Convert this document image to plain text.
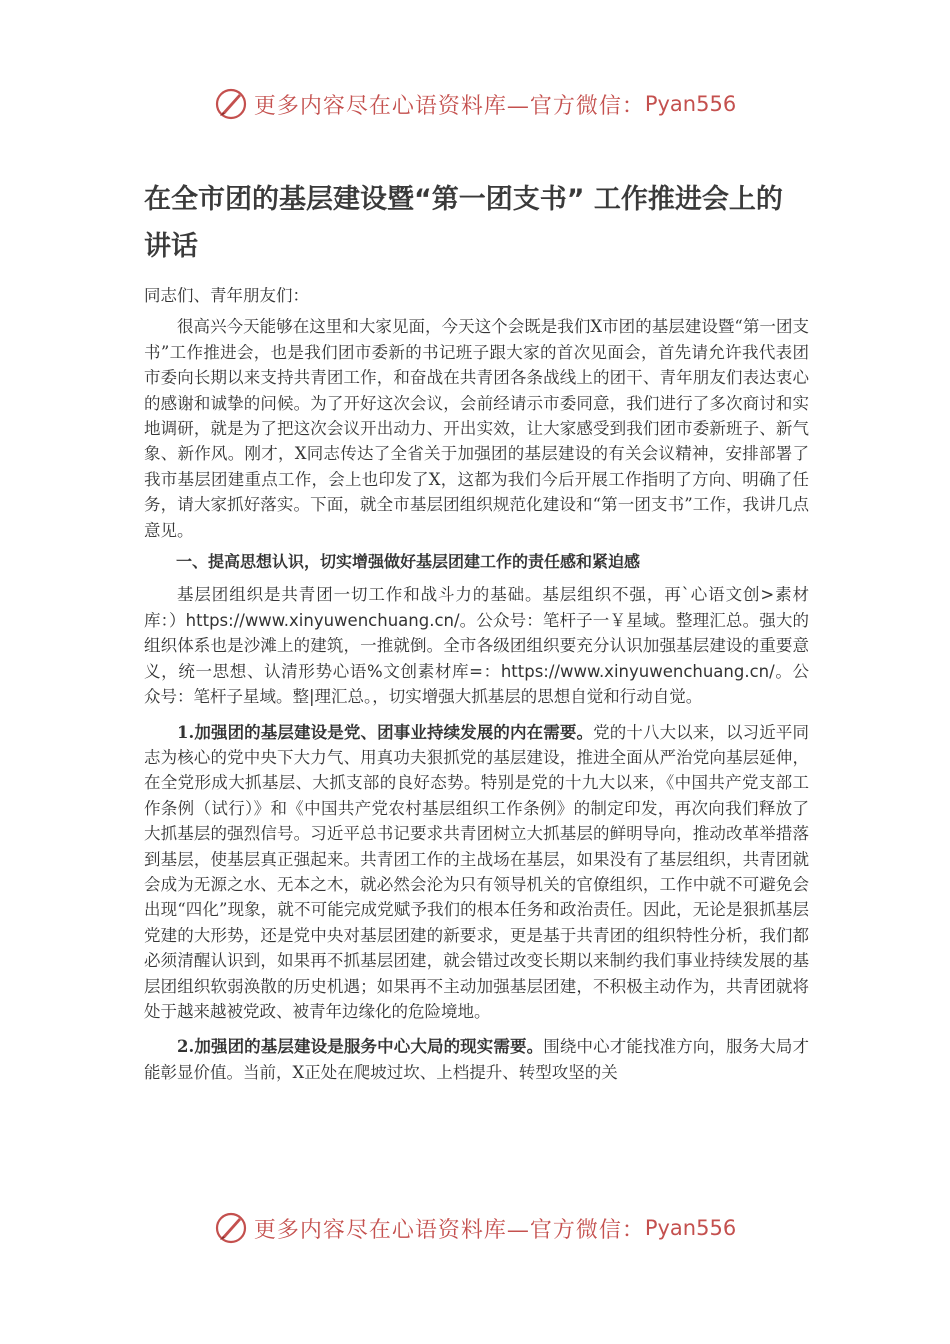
更多内容尽在心语资料库—官方微信： Pyan556
在全市团的基层建设暨“第一团支书” 工作推进会上的讲话

同志们、青年朋友们：

很高兴今天能够在这里和大家见面，今天这个会既是我们X市团的基层建设暨“第一团支书”工作推进会，也是我们团市委新的书记班子跟大家的首次见面会，首先请允许我代表团市委向长期以来支持共青团工作，和奋战在共青团各条战线上的团干、青年朋友们表达衷心的感谢和诚挚的问候。为了开好这次会议，会前经请示市委同意，我们进行了多次商讨和实地调研，就是为了把这次会议开出动力、开出实效，让大家感受到我们团市委新班子、新气象、新作风。刚才，X同志传达了全省关于加强团的基层建设的有关会议精神，安排部署了我市基层团建重点工作，会上也印发了X，这都为我们今后开展工作指明了方向、明确了任务，请大家抓好落实。下面，就全市基层团组织规范化建设和“第一团支书”工作，我讲几点意见。

一、提高思想认识，切实增强做好基层团建工作的责任感和紧迫感

基层团组织是共青团一切工作和战斗力的基础。基层组织不强，再`心语文创>素材库：）https://www.xinyuwenchuang.cn/。公众号：笔杆子一￥星域。整理汇总。强大的组织体系也是沙滩上的建筑，一推就倒。全市各级团组织要充分认识加强基层建设的重要意义，统一思想、认清形势心语%文创素材库=：https://www.xinyuwenchuang.cn/。公众号：笔杆子星域。整|理汇总。，切实增强大抓基层的思想自觉和行动自觉。

1.加强团的基层建设是党、团事业持续发展的内在需要。党的十八大以来，以习近平同志为核心的党中央下大力气、用真功夫狠抓党的基层建设，推进全面从严治党向基层延伸，在全党形成大抓基层、大抓支部的良好态势。特别是党的十九大以来，《中国共产党支部工作条例（试行）》和《中国共产党农村基层组织工作条例》的制定印发，再次向我们释放了大抓基层的强烈信号。习近平总书记要求共青团树立大抓基层的鲜明导向，推动改革举措落到基层，使基层真正强起来。共青团工作的主战场在基层，如果没有了基层组织，共青团就会成为无源之水、无本之木，就必然会沦为只有领导机关的官僚组织，工作中就不可避免会出现“四化”现象，就不可能完成党赋予我们的根本任务和政治责任。因此，无论是狠抓基层党建的大形势，还是党中央对基层团建的新要求，更是基于共青团的组织特性分析，我们都必须清醒认识到，如果再不抓基层团建，就会错过改变长期以来制约我们事业持续发展的基层团组织软弱涣散的历史机遇；如果再不主动加强基层团建，不积极主动作为，共青团就将处于越来越被党政、被青年边缘化的危险境地。

2.加强团的基层建设是服务中心大局的现实需要。围绕中心才能找准方向，服务大局才能彰显价值。当前，X正处在爬坡过坎、上档提升、转型攻坚的关

更多内容尽在心语资料库—官方微信： Pyan556
